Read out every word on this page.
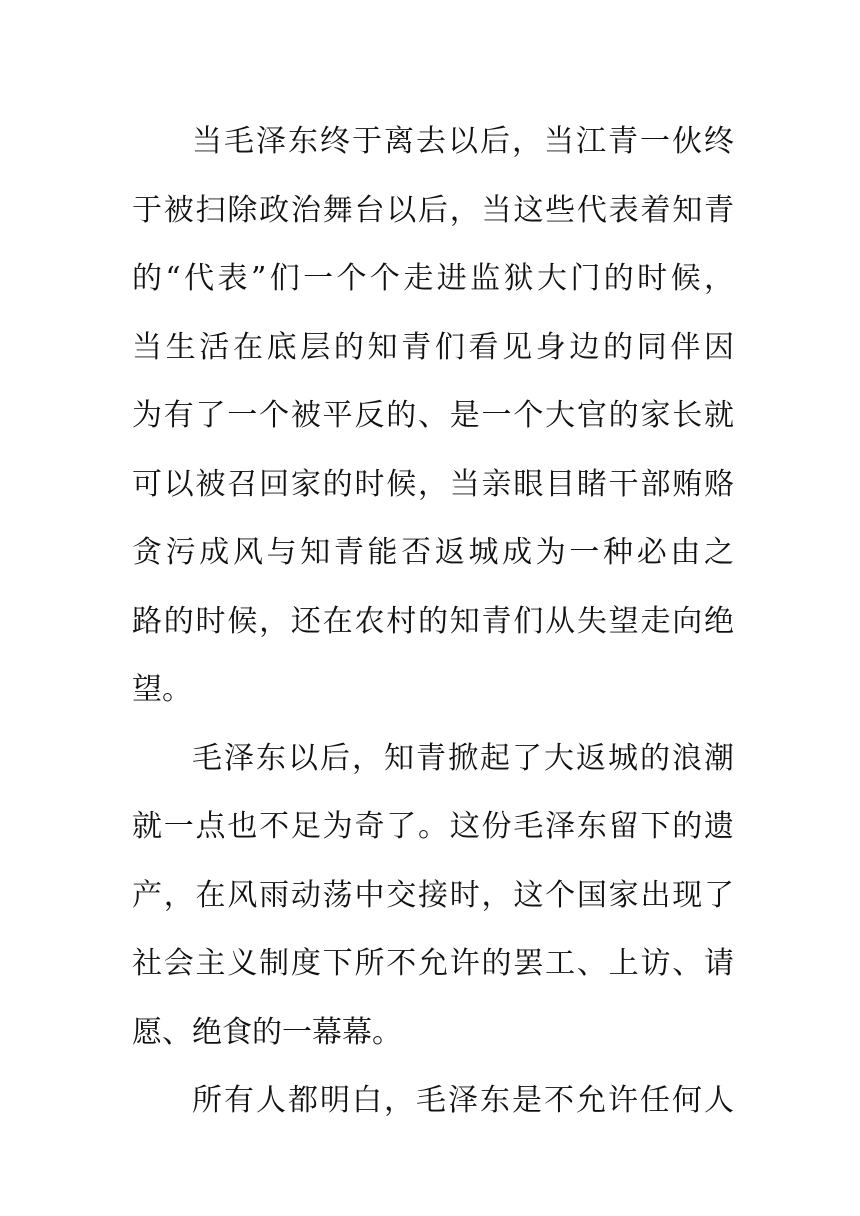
当毛泽东终于离去以后，当江青一伙终
于被扫除政治舞台以后，当这些代表着知青
的“代表”们一个个走进监狱大门的时候，
当生活在底层的知青们看见身边的同伴因
为有了一个被平反的、是一个大官的家长就
可以被召回家的时候，当亲眼目睹干部贿赂
贪污成风与知青能否返城成为一种必由之
路的时候，还在农村的知青们从失望走向绝
望。
毛泽东以后，知青掀起了大返城的浪潮
就一点也不足为奇了。这份毛泽东留下的遗
产，在风雨动荡中交接时，这个国家出现了
社会主义制度下所不允许的罢工、上访、请
愿、绝食的一幕幕。
所有人都明白，毛泽东是不允许任何人
